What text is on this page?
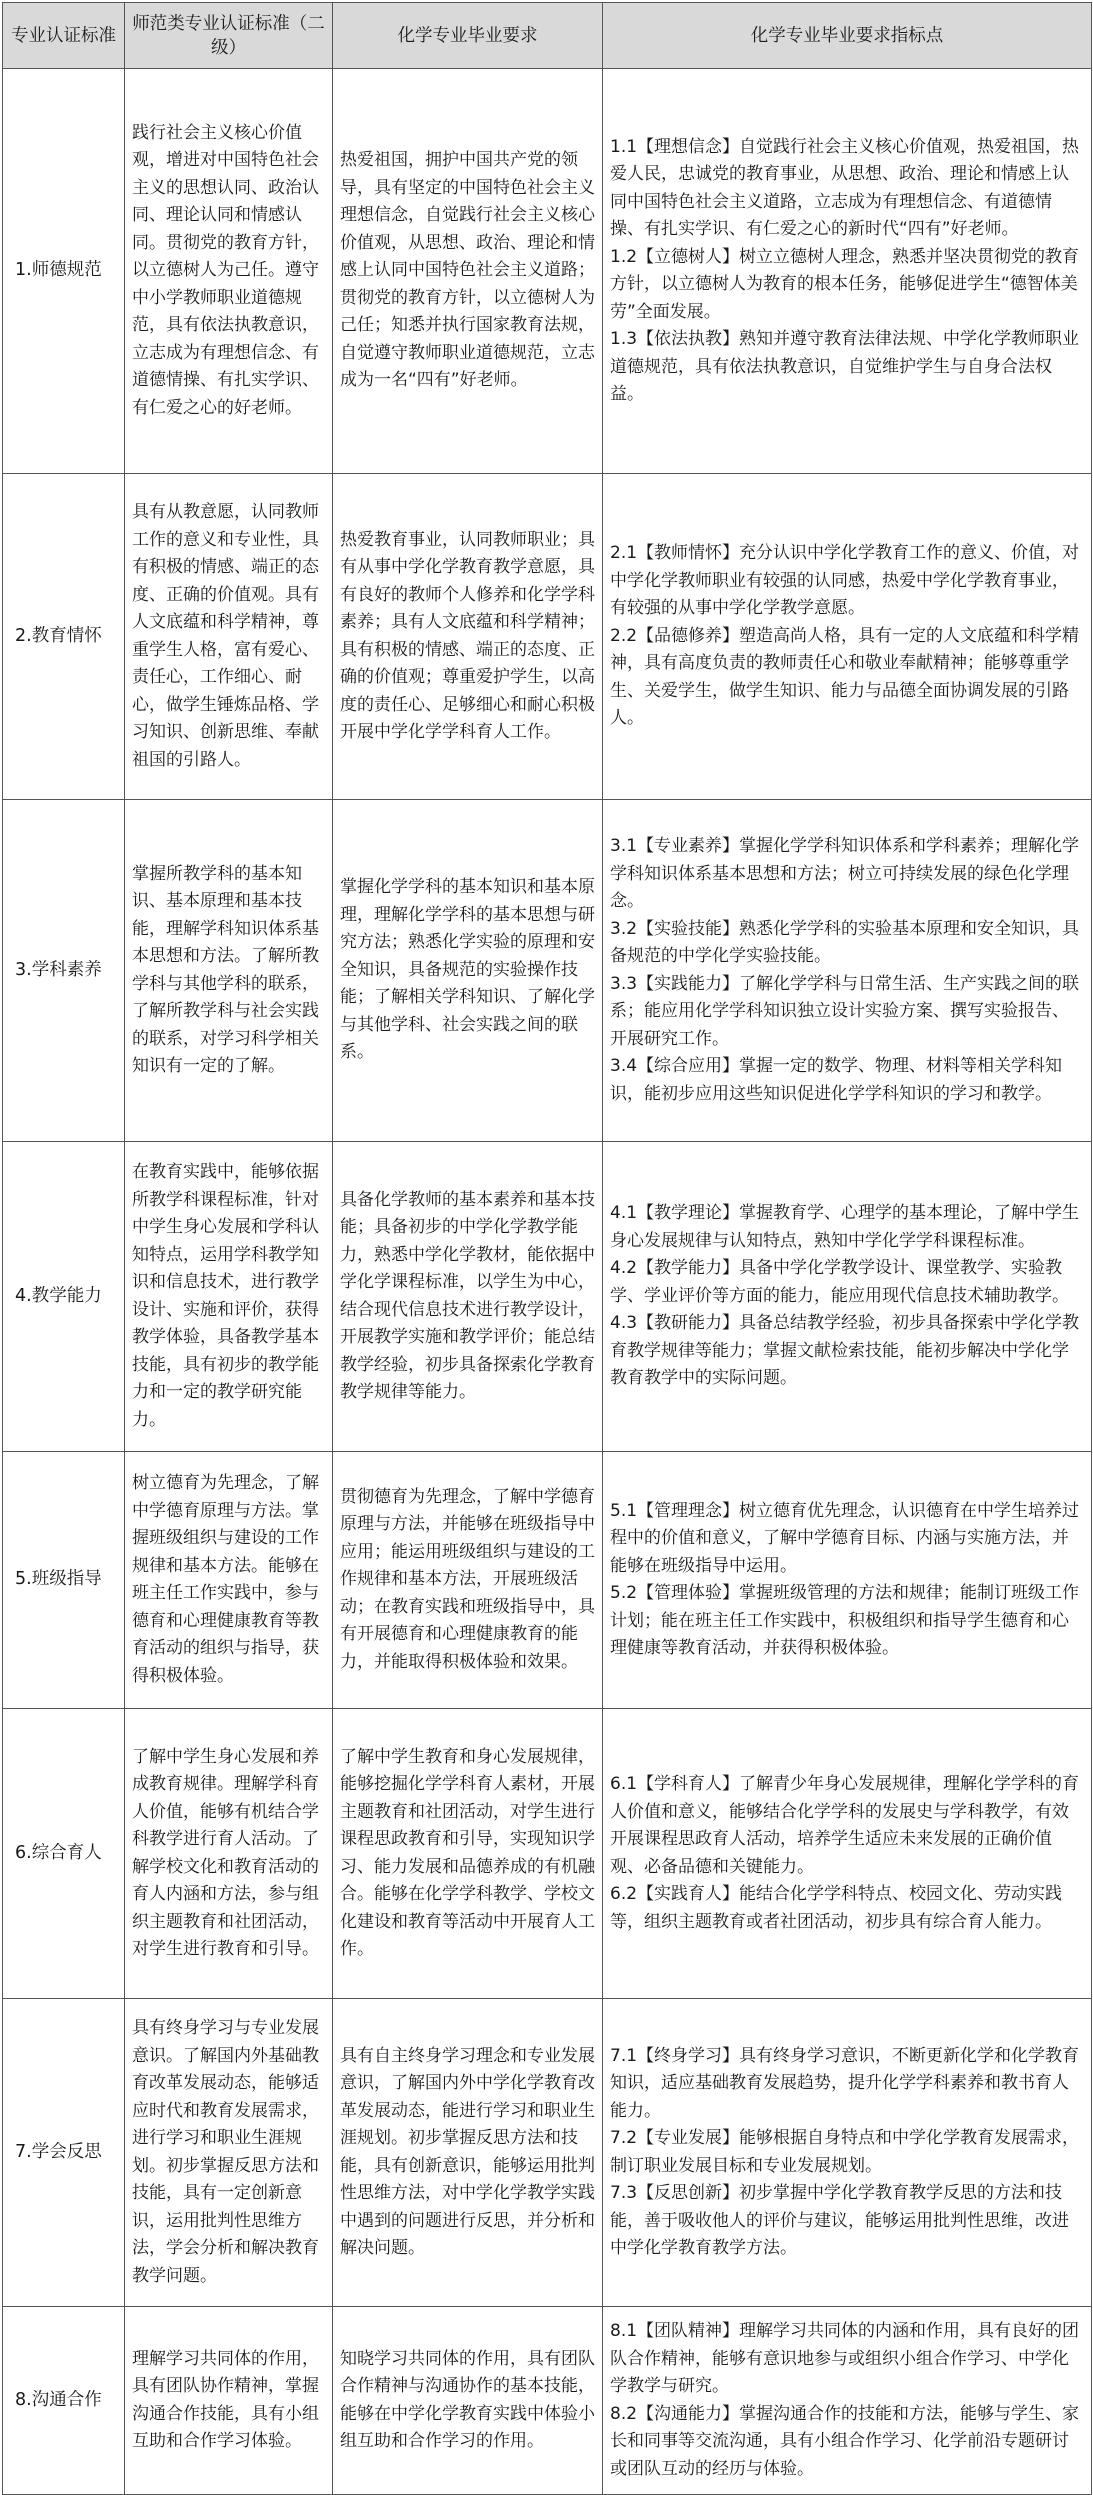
专业认证标准	师范类专业认证标准（二级）	化学专业毕业要求	化学专业毕业要求指标点
1.师德规范	践行社会主义核心价值观，增进对中国特色社会主义的思想认同、政治认同、理论认同和情感认同。贯彻党的教育方针，以立德树人为己任。遵守中小学教师职业道德规范，具有依法执教意识，立志成为有理想信念、有道德情操、有扎实学识、有仁爱之心的好老师。	热爱祖国，拥护中国共产党的领导，具有坚定的中国特色社会主义理想信念，自觉践行社会主义核心价值观，从思想、政治、理论和情感上认同中国特色社会主义道路；贯彻党的教育方针，以立德树人为己任；知悉并执行国家教育法规，自觉遵守教师职业道德规范，立志成为一名“四有”好老师。	1.1【理想信念】自觉践行社会主义核心价值观，热爱祖国，热爱人民，忠诚党的教育事业，从思想、政治、理论和情感上认同中国特色社会主义道路，立志成为有理想信念、有道德情操、有扎实学识、有仁爱之心的新时代“四有”好老师。
1.2【立德树人】树立立德树人理念，熟悉并坚决贯彻党的教育方针，以立德树人为教育的根本任务，能够促进学生“德智体美劳”全面发展。
1.3【依法执教】熟知并遵守教育法律法规、中学化学教师职业道德规范，具有依法执教意识，自觉维护学生与自身合法权益。

2.教育情怀	具有从教意愿，认同教师工作的意义和专业性，具有积极的情感、端正的态度、正确的价值观。具有人文底蕴和科学精神，尊重学生人格，富有爱心、责任心，工作细心、耐心，做学生锤炼品格、学习知识、创新思维、奉献祖国的引路人。	热爱教育事业，认同教师职业；具有从事中学化学教育教学意愿，具有良好的教师个人修养和化学学科素养；具有人文底蕴和科学精神；具有积极的情感、端正的态度、正确的价值观；尊重爱护学生，以高度的责任心、足够细心和耐心积极开展中学化学学科育人工作。	2.1【教师情怀】充分认识中学化学教育工作的意义、价值，对中学化学教师职业有较强的认同感，热爱中学化学教育事业，有较强的从事中学化学教学意愿。
2.2【品德修养】塑造高尚人格，具有一定的人文底蕴和科学精神，具有高度负责的教师责任心和敬业奉献精神；能够尊重学生、关爱学生，做学生知识、能力与品德全面协调发展的引路人。

3.学科素养	掌握所教学科的基本知识、基本原理和基本技能，理解学科知识体系基本思想和方法。了解所教学科与其他学科的联系，了解所教学科与社会实践的联系，对学习科学相关知识有一定的了解。	掌握化学学科的基本知识和基本原理，理解化学学科的基本思想与研究方法；熟悉化学实验的原理和安全知识，具备规范的实验操作技能；了解相关学科知识、了解化学与其他学科、社会实践之间的联系。	3.1【专业素养】掌握化学学科知识体系和学科素养；理解化学学科知识体系基本思想和方法；树立可持续发展的绿色化学理念。
3.2【实验技能】熟悉化学学科的实验基本原理和安全知识，具备规范的中学化学实验技能。
3.3【实践能力】了解化学学科与日常生活、生产实践之间的联系；能应用化学学科知识独立设计实验方案、撰写实验报告、开展研究工作。
3.4【综合应用】掌握一定的数学、物理、材料等相关学科知识，能初步应用这些知识促进化学学科知识的学习和教学。

4.教学能力	在教育实践中，能够依据所教学科课程标准，针对中学生身心发展和学科认知特点，运用学科教学知识和信息技术，进行教学设计、实施和评价，获得教学体验，具备教学基本技能，具有初步的教学能力和一定的教学研究能力。	具备化学教师的基本素养和基本技能；具备初步的中学化学教学能力，熟悉中学化学教材，能依据中学化学课程标准，以学生为中心，结合现代信息技术进行教学设计，开展教学实施和教学评价；能总结教学经验，初步具备探索化学教育教学规律等能力。	4.1【教学理论】掌握教育学、心理学的基本理论，了解中学生身心发展规律与认知特点，熟知中学化学学科课程标准。
4.2【教学能力】具备中学化学教学设计、课堂教学、实验教学、学业评价等方面的能力，能应用现代信息技术辅助教学。
4.3【教研能力】具备总结教学经验，初步具备探索中学化学教育教学规律等能力；掌握文献检索技能，能初步解决中学化学教育教学中的实际问题。

5.班级指导	树立德育为先理念，了解中学德育原理与方法。掌握班级组织与建设的工作规律和基本方法。能够在班主任工作实践中，参与德育和心理健康教育等教育活动的组织与指导，获得积极体验。	贯彻德育为先理念，了解中学德育原理与方法，并能够在班级指导中应用；能运用班级组织与建设的工作规律和基本方法，开展班级活动；在教育实践和班级指导中，具有开展德育和心理健康教育的能力，并能取得积极体验和效果。	5.1【管理理念】树立德育优先理念，认识德育在中学生培养过程中的价值和意义，了解中学德育目标、内涵与实施方法，并能够在班级指导中运用。
5.2【管理体验】掌握班级管理的方法和规律；能制订班级工作计划；能在班主任工作实践中，积极组织和指导学生德育和心理健康等教育活动，并获得积极体验。

6.综合育人	了解中学生身心发展和养成教育规律。理解学科育人价值，能够有机结合学科教学进行育人活动。了解学校文化和教育活动的育人内涵和方法，参与组织主题教育和社团活动，对学生进行教育和引导。	了解中学生教育和身心发展规律，能够挖掘化学学科育人素材，开展主题教育和社团活动，对学生进行课程思政教育和引导，实现知识学习、能力发展和品德养成的有机融合。能够在化学学科教学、学校文化建设和教育等活动中开展育人工作。	6.1【学科育人】了解青少年身心发展规律，理解化学学科的育人价值和意义，能够结合化学学科的发展史与学科教学，有效开展课程思政育人活动，培养学生适应未来发展的正确价值观、必备品德和关键能力。
6.2【实践育人】能结合化学学科特点、校园文化、劳动实践等，组织主题教育或者社团活动，初步具有综合育人能力。

7.学会反思	具有终身学习与专业发展意识。了解国内外基础教育改革发展动态，能够适应时代和教育发展需求，进行学习和职业生涯规划。初步掌握反思方法和技能，具有一定创新意识，运用批判性思维方法，学会分析和解决教育教学问题。	具有自主终身学习理念和专业发展意识，了解国内外中学化学教育改革发展动态，能进行学习和职业生涯规划。初步掌握反思方法和技能，具有创新意识，能够运用批判性思维方法，对中学化学教学实践中遇到的问题进行反思，并分析和解决问题。	7.1【终身学习】具有终身学习意识，不断更新化学和化学教育知识，适应基础教育发展趋势，提升化学学科素养和教书育人能力。
7.2【专业发展】能够根据自身特点和中学化学教育发展需求，制订职业发展目标和专业发展规划。
7.3【反思创新】初步掌握中学化学教育教学反思的方法和技能，善于吸收他人的评价与建议，能够运用批判性思维，改进中学化学教育教学方法。

8.沟通合作	理解学习共同体的作用，具有团队协作精神，掌握沟通合作技能，具有小组互助和合作学习体验。	知晓学习共同体的作用，具有团队合作精神与沟通协作的基本技能，能够在中学化学教育实践中体验小组互助和合作学习的作用。	8.1【团队精神】理解学习共同体的内涵和作用，具有良好的团队合作精神，能够有意识地参与或组织小组合作学习、中学化学教学与研究。
8.2【沟通能力】掌握沟通合作的技能和方法，能够与学生、家长和同事等交流沟通，具有小组合作学习、化学前沿专题研讨或团队互动的经历与体验。
